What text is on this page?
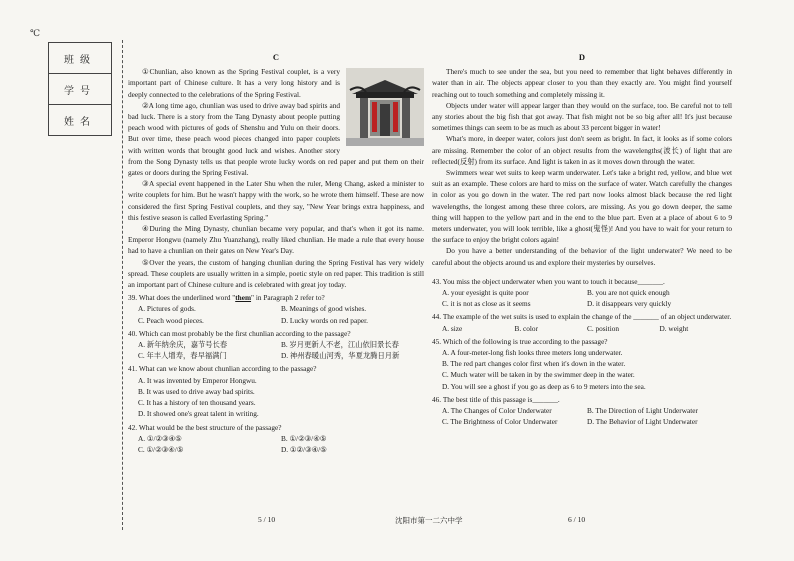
℃
班级
学号
姓名
C

①Chunlian, also known as the Spring Festival couplet, is a very important part of Chinese culture. It has a very long history and is deeply connected to the celebrations of the Spring Festival.

②A long time ago, chunlian was used to drive away bad spirits and bad luck. There is a story from the Tang Dynasty about people putting peach wood with pictures of gods of Shenshu and Yulu on their doors. But over time, these peach wood pieces changed into paper couplets with written words that brought good luck and wishes. Another story from the Song Dynasty tells us that people wrote lucky words on red paper and put them on their gates or doors during the Spring Festival.

③A special event happened in the Later Shu when the ruler, Meng Chang, asked a minister to write couplets for him. But he wasn't happy with the work, so he wrote them himself. These are now considered the first Spring Festival couplets, and they say, "New Year brings extra happiness, and this festive season is called Everlasting Spring."

④During the Ming Dynasty, chunlian became very popular, and that's when it got its name. Emperor Hongwu (namely Zhu Yuanzhang), really liked chunlian. He made a rule that every house had to have a chunlian on their gates on New Year's Day.

⑤Over the years, the custom of hanging chunlian during the Spring Festival has very widely spread. These couplets are usually written in a simple, poetic style on red paper. This tradition is still an important part of Chinese culture and is celebrated with great joy today.

39. What does the underlined word "them" in Paragraph 2 refer to?
A. Pictures of gods.	B. Meanings of good wishes.
C. Peach wood pieces.	D. Lucky words on red paper.
40. Which can most probably be the first chunlian according to the passage?
A. 新年纳余庆，嘉节号长春	B. 岁月更新人不老，江山依旧景长春
C. 年丰人增寿，春早福满门	D. 神州春暖山河秀，华夏龙腾日月新
41. What can we know about chunlian according to the passage?
A. It was invented by Emperor Hongwu.
B. It was used to drive away bad spirits.
C. It has a history of ten thousand years.
D. It showed one's great talent in writing.
42. What would be the best structure of the passage?
A. ①/②③④⑤	B. ①/②③/④⑤
C. ①/②③④/⑤	D. ①②/③④/⑤
D

There's much to see under the sea, but you need to remember that light behaves differently in water than in air. The objects appear closer to you than they exactly are. You might find yourself reaching out to touch something and completely missing it.

Objects under water will appear larger than they would on the surface, too. Be careful not to tell any stories about the big fish that got away. That fish might not be so big after all! It's just because sometimes things can seem to be as much as about 33 percent bigger in water!

What's more, in deeper water, colors just don't seem as bright. In fact, it looks as if some colors are missing. Remember the color of an object results from the wavelengths(波长) of light that are reflected(反射) from its surface. And light is taken in as it moves down through the water.

Swimmers wear wet suits to keep warm underwater. Let's take a bright red, yellow, and blue wet suit as an example. These colors are hard to miss on the surface of water. Watch carefully the changes in color as you go down in the water. The red part now looks almost black because the red light wavelengths, the longest among these three colors, are missing. As you go down deeper, the same thing will happen to the yellow part and in the end to the blue part. Even at a place of about 6 to 9 meters underwater, you will look terrible, like a ghost(鬼怪)! And you have to wait for your return to the surface to enjoy the bright colors again!

Do you have a better understanding of the behavior of the light underwater? We need to be careful about the objects around us and explore their mysteries by ourselves.

43. You miss the object underwater when you want to touch it because_______.
A. your eyesight is quite poor	B. you are not quick enough
C. it is not as close as it seems	D. it disappears very quickly
44. The example of the wet suits is used to explain the change of the _______ of an object underwater.
A. size	B. color	C. position	D. weight
45. Which of the following is true according to the passage?
A. A four-meter-long fish looks three meters long underwater.
B. The red part changes color first when it's down in the water.
C. Much water will be taken in by the swimmer deep in the water.
D. You will see a ghost if you go as deep as 6 to 9 meters into the sea.
46. The best title of this passage is_______.
A. The Changes of Color Underwater	B. The Direction of Light Underwater
C. The Brightness of Color Underwater	D. The Behavior of Light Underwater
5 / 10	沈阳市第一二六中学	6 / 10
